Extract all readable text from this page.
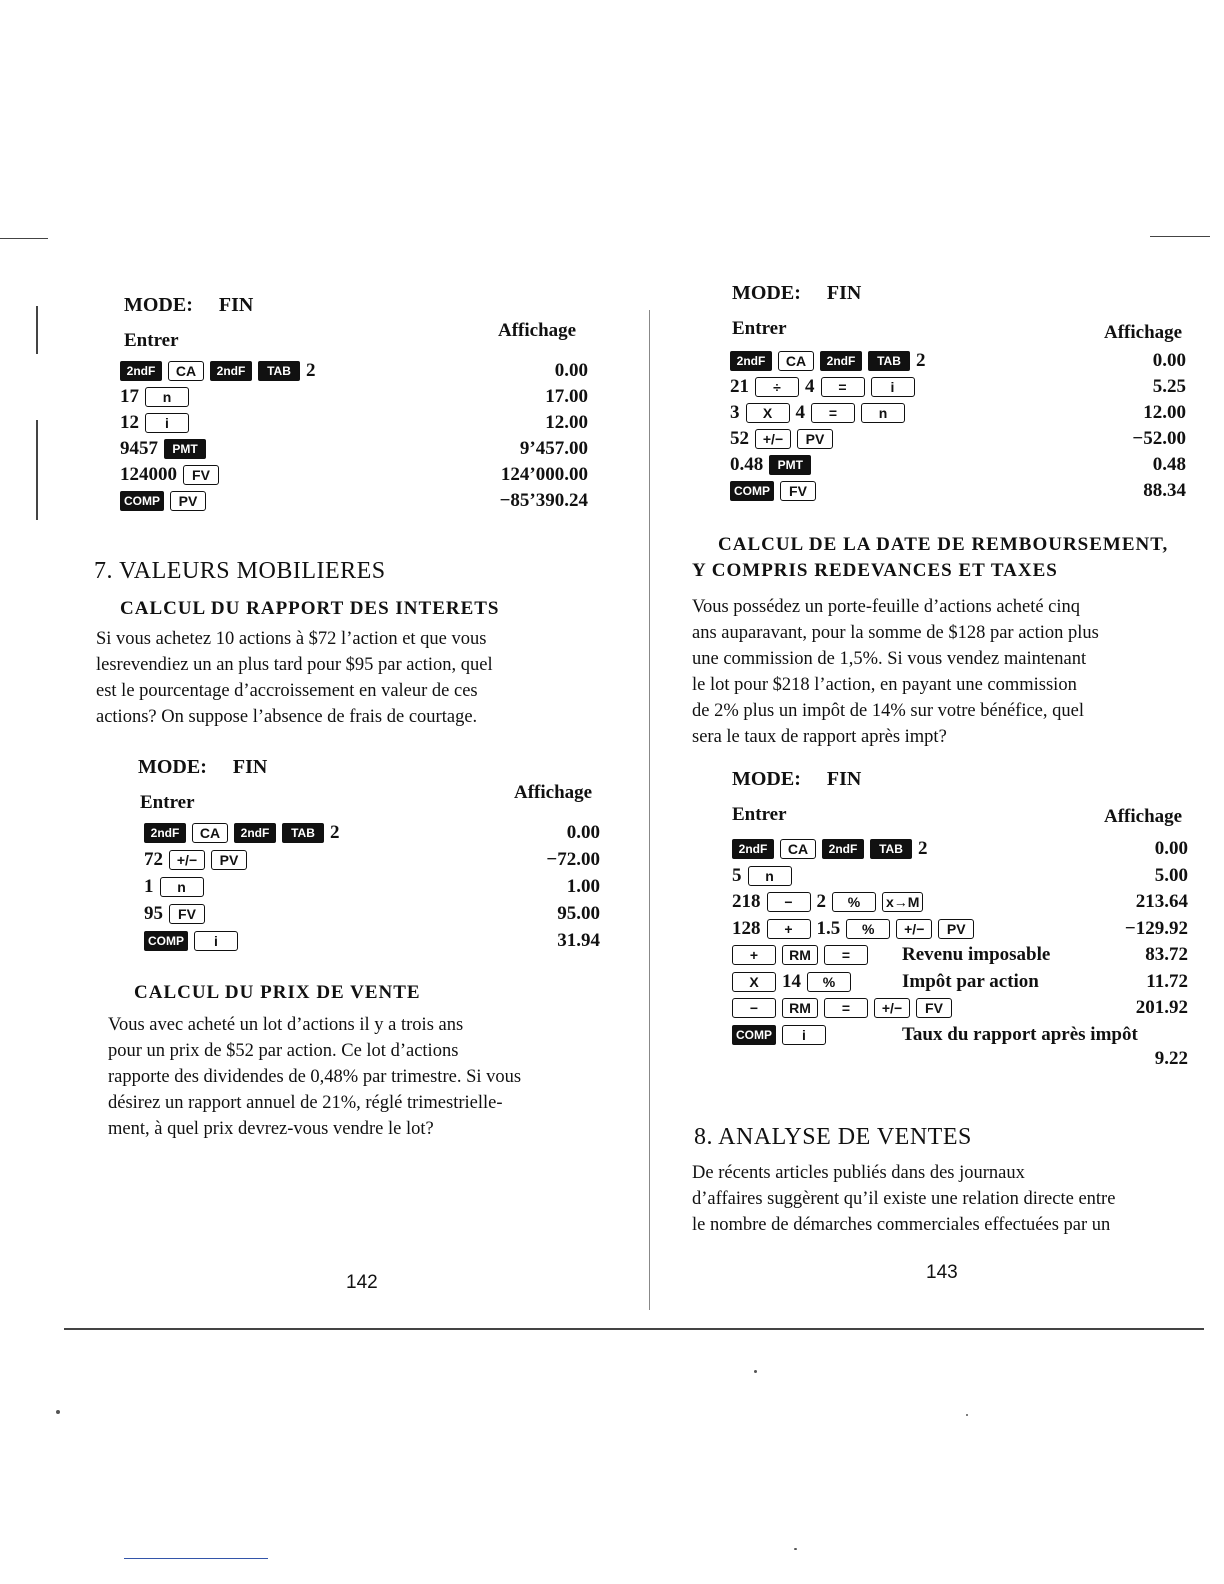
MODE: FIN
Entrer	Affichage
2ndF	CA	2ndF	TAB 2	0.00
17	n	17.00
12	i	12.00
9457	PMT	9’457.00
124000	FV	124’000.00
COMP	PV	−85’390.24
7. VALEURS MOBILIERES
CALCUL DU RAPPORT DES INTERETS
Si vous achetez 10 actions à $72 l’action et que vous
lesrevendiez un an plus tard pour $95 par action, quel
est le pourcentage d’accroissement en valeur de ces
actions? On suppose l’absence de frais de courtage.
MODE: FIN
Entrer	Affichage
2ndF	CA	2ndF	TAB 2	0.00
72 +/−	PV	−72.00
1	n	1.00
95	FV	95.00
COMP	i	31.94
CALCUL DU PRIX DE VENTE
Vous avec acheté un lot d’actions il y a trois ans
pour un prix de $52 par action. Ce lot d’actions
rapporte des dividendes de 0,48% par trimestre. Si vous
désirez un rapport annuel de 21%, réglé trimestrielle-
ment, à quel prix devrez-vous vendre le lot?
142
MODE: FIN
Entrer	Affichage
2ndF	CA	2ndF	TAB 2	0.00
21	÷	4	=	i	5.25
3	X	4	=	n	12.00
52 +/−	PV	−52.00
0.48	PMT	0.48
COMP	FV	88.34
CALCUL DE LA DATE DE REMBOURSEMENT,
Y COMPRIS REDEVANCES ET TAXES
Vous possédez un porte-feuille d’actions acheté cinq
ans auparavant, pour la somme de $128 par action plus
une commission de 1,5%. Si vous vendez maintenant
le lot pour $218 l’action, en payant une commission
de 2% plus un impôt de 14% sur votre bénéfice, quel
sera le taux de rapport après impt?
MODE: FIN
Entrer	Affichage
2ndF	CA	2ndF	TAB 2	0.00
5	n	5.00
218	−	2	%	x→M	213.64
128	+	1.5	%	+/−	PV	−129.92
+	RM	=	Revenu imposable	83.72
X	14	%	Impôt par action	11.72
−	RM	=	+/−	FV	201.92
COMP	i	Taux du rapport après impôt
9.22
8. ANALYSE DE VENTES
De récents articles publiés dans des journaux
d’affaires suggèrent qu’il existe une relation directe entre
le nombre de démarches commerciales effectuées par un
143
